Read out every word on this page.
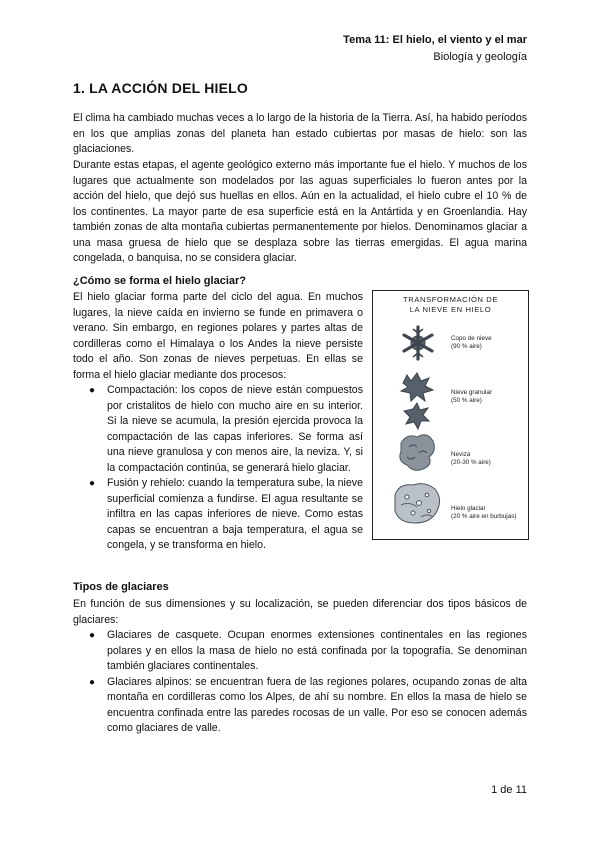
Tema 11: El hielo, el viento y el mar
Biología y geología
1. LA ACCIÓN DEL HIELO

El clima ha cambiado muchas veces a lo largo de la historia de la Tierra. Así, ha habido períodos en los que amplias zonas del planeta han estado cubiertas por masas de hielo: son las glaciaciones.

Durante estas etapas, el agente geológico externo más importante fue el hielo. Y muchos de los lugares que actualmente son modelados por las aguas superficiales lo fueron antes por la acción del hielo, que dejó sus huellas en ellos. Aún en la actualidad, el hielo cubre el 10 % de los continentes. La mayor parte de esa superficie está en la Antártida y en Groenlandia. Hay también zonas de alta montaña cubiertas permanentemente por hielos. Denominamos glaciar a una masa gruesa de hielo que se desplaza sobre las tierras emergidas. El agua marina congelada, o banquisa, no se considera glaciar.

¿Cómo se forma el hielo glaciar?

El hielo glaciar forma parte del ciclo del agua. En muchos lugares, la nieve caída en invierno se funde en primavera o verano. Sin embargo, en regiones polares y partes altas de cordilleras como el Himalaya o los Andes la nieve persiste todo el año. Son zonas de nieves perpetuas. En ellas se forma el hielo glaciar mediante dos procesos:

● Compactación: los copos de nieve están compuestos por cristalitos de hielo con mucho aire en su interior. Si la nieve se acumula, la presión ejercida provoca la compactación de las capas inferiores. Se forma así una nieve granulosa y con menos aire, la neviza. Y, si la compactación continúa, se generará hielo glaciar.
● Fusión y rehielo: cuando la temperatura sube, la nieve superficial comienza a fundirse. El agua resultante se infiltra en las capas inferiores de nieve. Como estas capas se encuentran a baja temperatura, el agua se congela, y se transforma en hielo.
TRANSFORMACIÓN DE
LA NIEVE EN HIELO
Copo de nieve
(90 % aire)
Nieve granular
(50 % aire)
Neviza
(20-30 % aire)
Hielo glaciar
(20 % aire en burbujas)
Tipos de glaciares

En función de sus dimensiones y su localización, se pueden diferenciar dos tipos básicos de glaciares:

● Glaciares de casquete. Ocupan enormes extensiones continentales en las regiones polares y en ellos la masa de hielo no está confinada por la topografía. Se denominan también glaciares continentales.
● Glaciares alpinos: se encuentran fuera de las regiones polares, ocupando zonas de alta montaña en cordilleras como los Alpes, de ahí su nombre. En ellos la masa de hielo se encuentra confinada entre las paredes rocosas de un valle. Por eso se conocen además como glaciares de valle.
1 de 11
